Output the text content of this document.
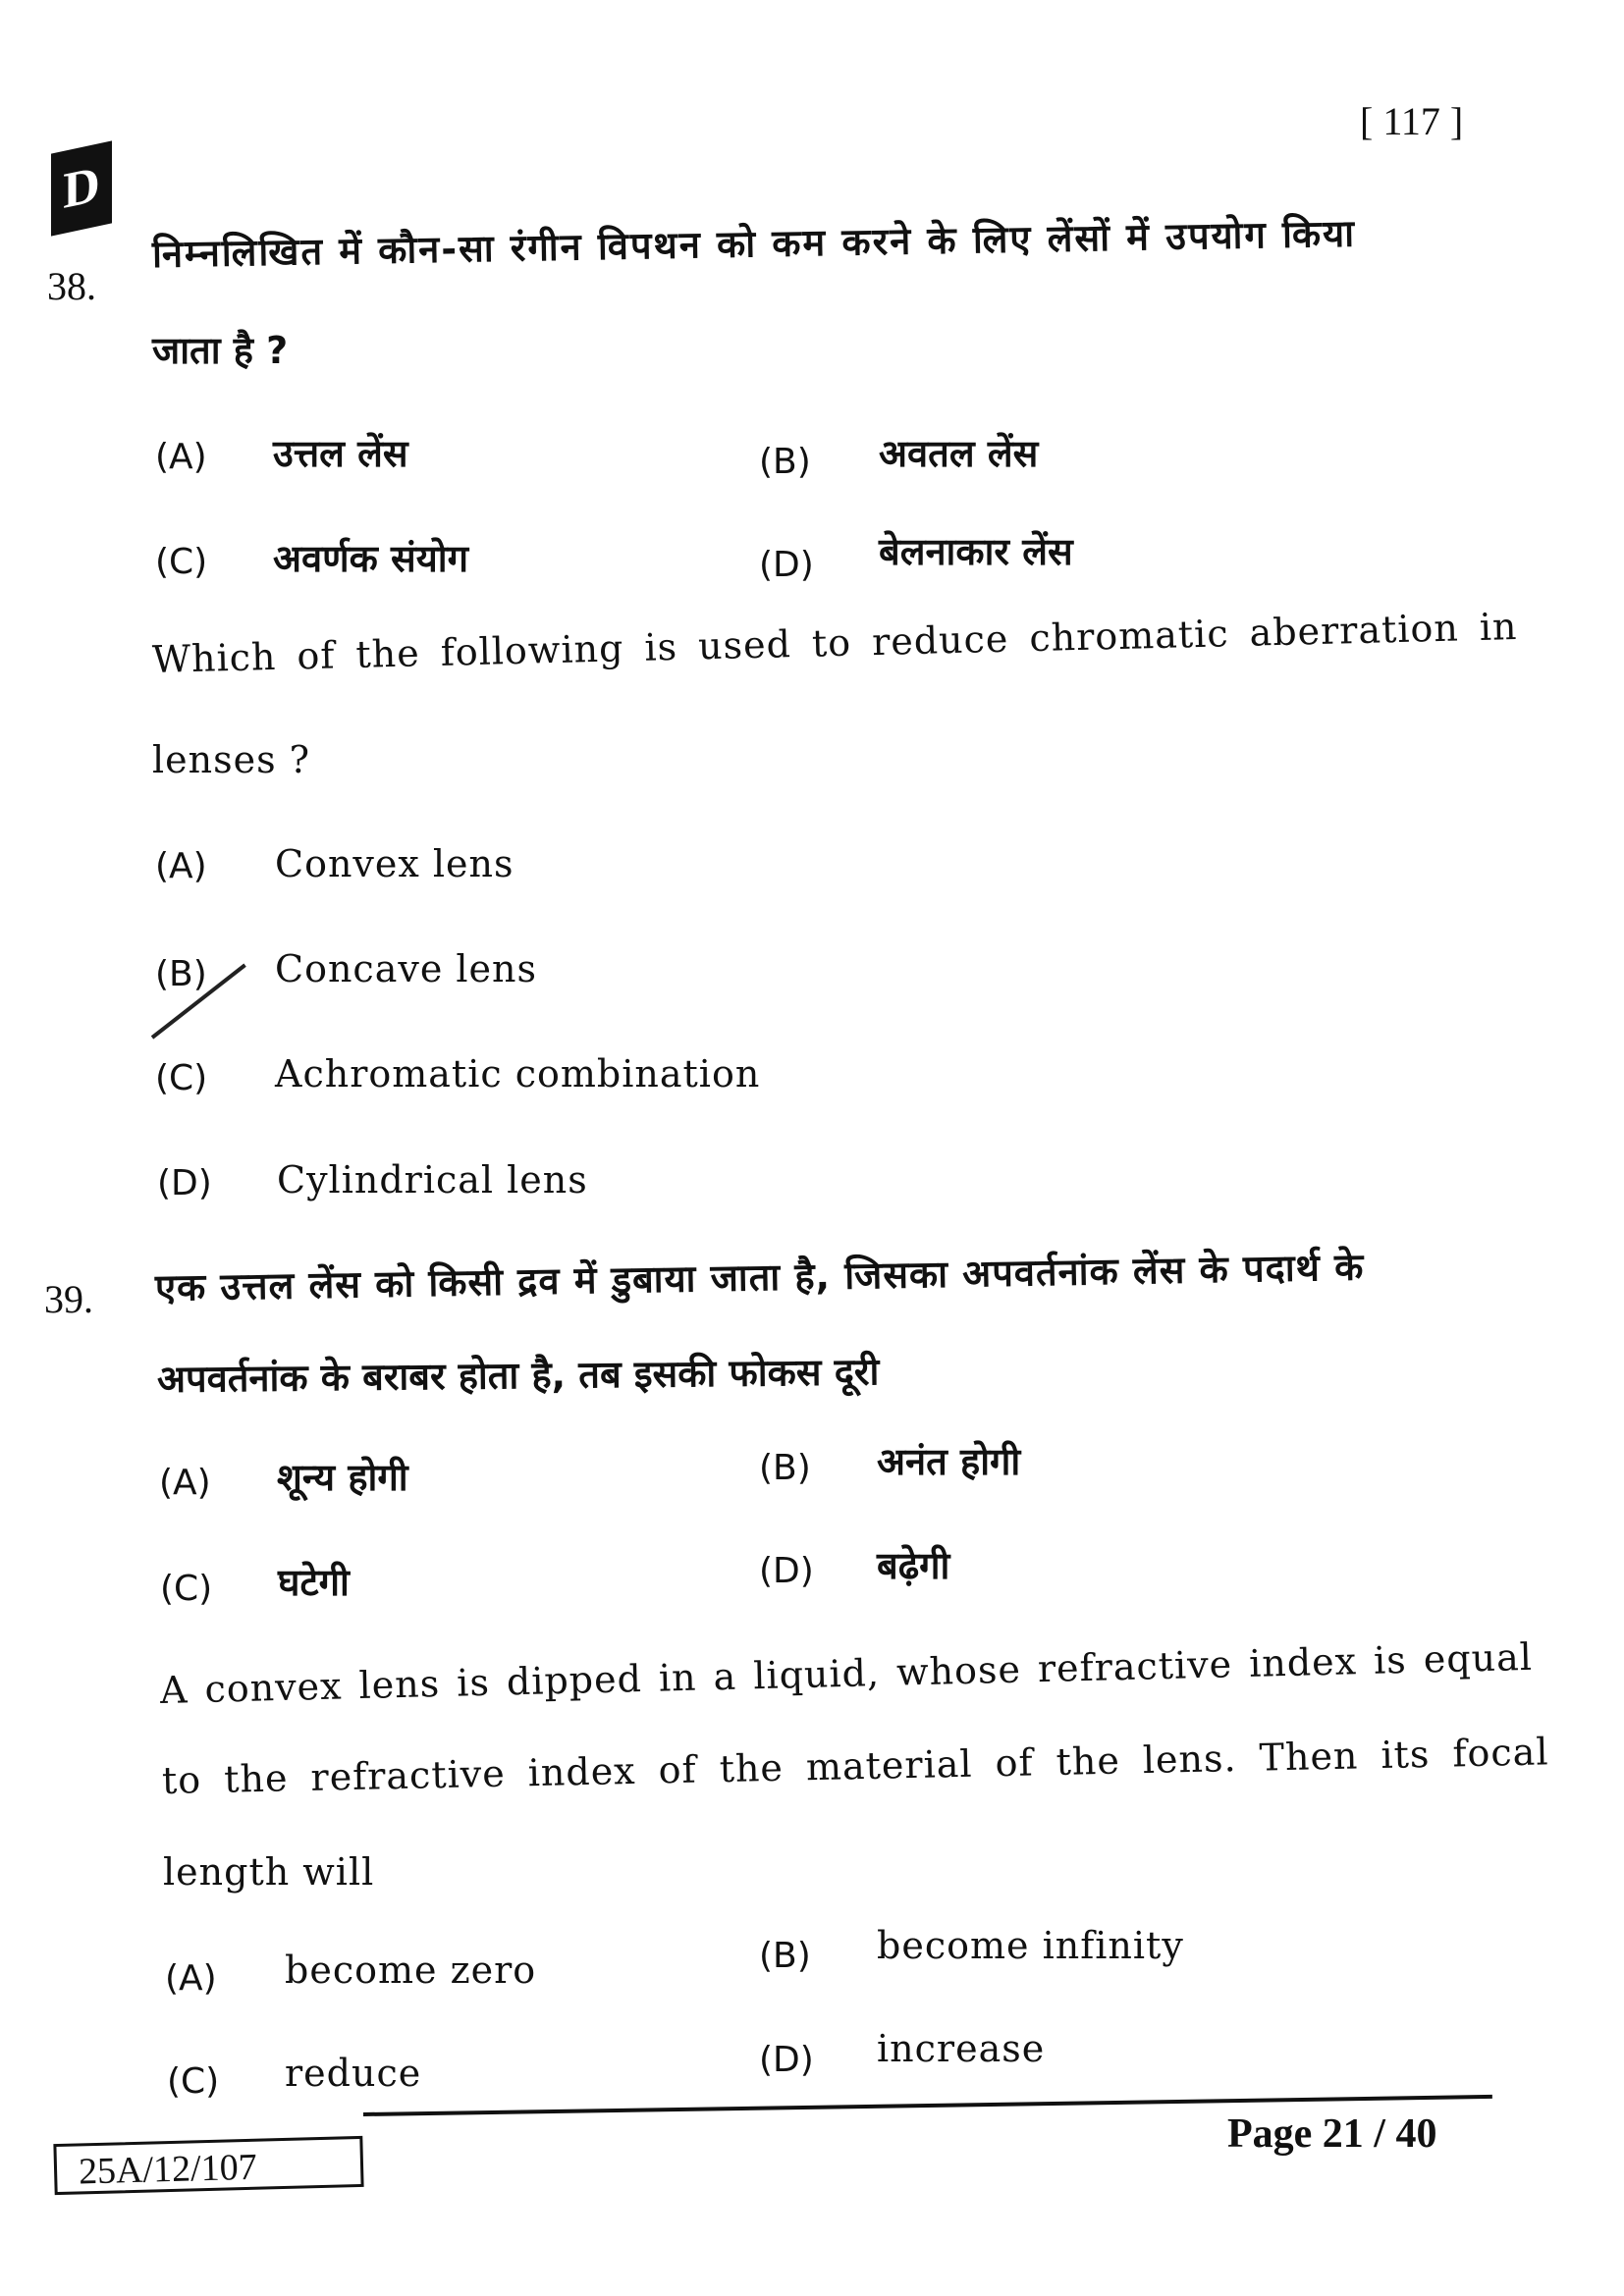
[ 117 ]
D
38.
निम्नलिखित में कौन-सा रंगीन विपथन को कम करने के लिए लेंसों में उपयोग किया
जाता है ?
(A) उत्तल लेंस	(B) अवतल लेंस
(C) अवर्णक संयोग	(D) बेलनाकार लेंस
Which of the following is used to reduce chromatic aberration in
lenses ?
(A) Convex lens
(B) Concave lens
(C) Achromatic combination
(D) Cylindrical lens
39. एक उत्तल लेंस को किसी द्रव में डुबाया जाता है, जिसका अपवर्तनांक लेंस के पदार्थ के
अपवर्तनांक के बराबर होता है, तब इसकी फोकस दूरी
(A) शून्य होगी	(B) अनंत होगी
(C) घटेगी	(D) बढ़ेगी
A convex lens is dipped in a liquid, whose refractive index is equal
to the refractive index of the material of the lens. Then its focal
length will
(A) become zero	(B) become infinity
(C) reduce	(D) increase
25A/12/107
Page 21 / 40
